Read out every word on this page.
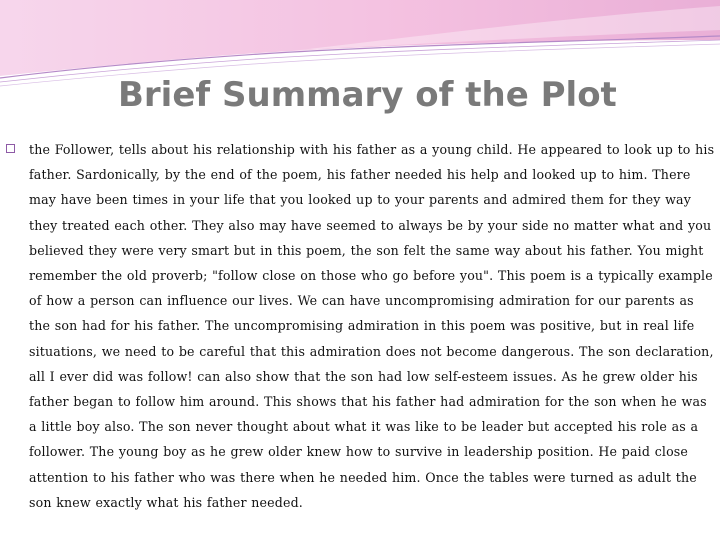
Brief Summary of the Plot

the Follower, tells about his relationship with his father as a young child. He appeared to look up to his father. Sardonically, by the end of the poem, his father needed his help and looked up to him. There may have been times in your life that you looked up to your parents and admired them for they way they treated each other. They also may have seemed to always be by your side no matter what and you believed they were very smart but in this poem, the son felt the same way about his father. You might remember the old proverb; "follow close on those who go before you". This poem is a typically example of how a person can influence our lives. We can have uncompromising admiration for our parents as the son had for his father. The uncompromising admiration in this poem was positive, but in real life situations, we need to be careful that this admiration does not become dangerous. The son declaration, all I ever did was follow! can also show that the son had low self-esteem issues. As he grew older his father began to follow him around. This shows that his father had admiration for the son when he was a little boy also. The son never thought about what it was like to be leader but accepted his role as a follower. The young boy as he grew older knew how to survive in leadership position. He paid close attention to his father who was there when he needed him. Once the tables were turned as adult the son knew exactly what his father needed.
